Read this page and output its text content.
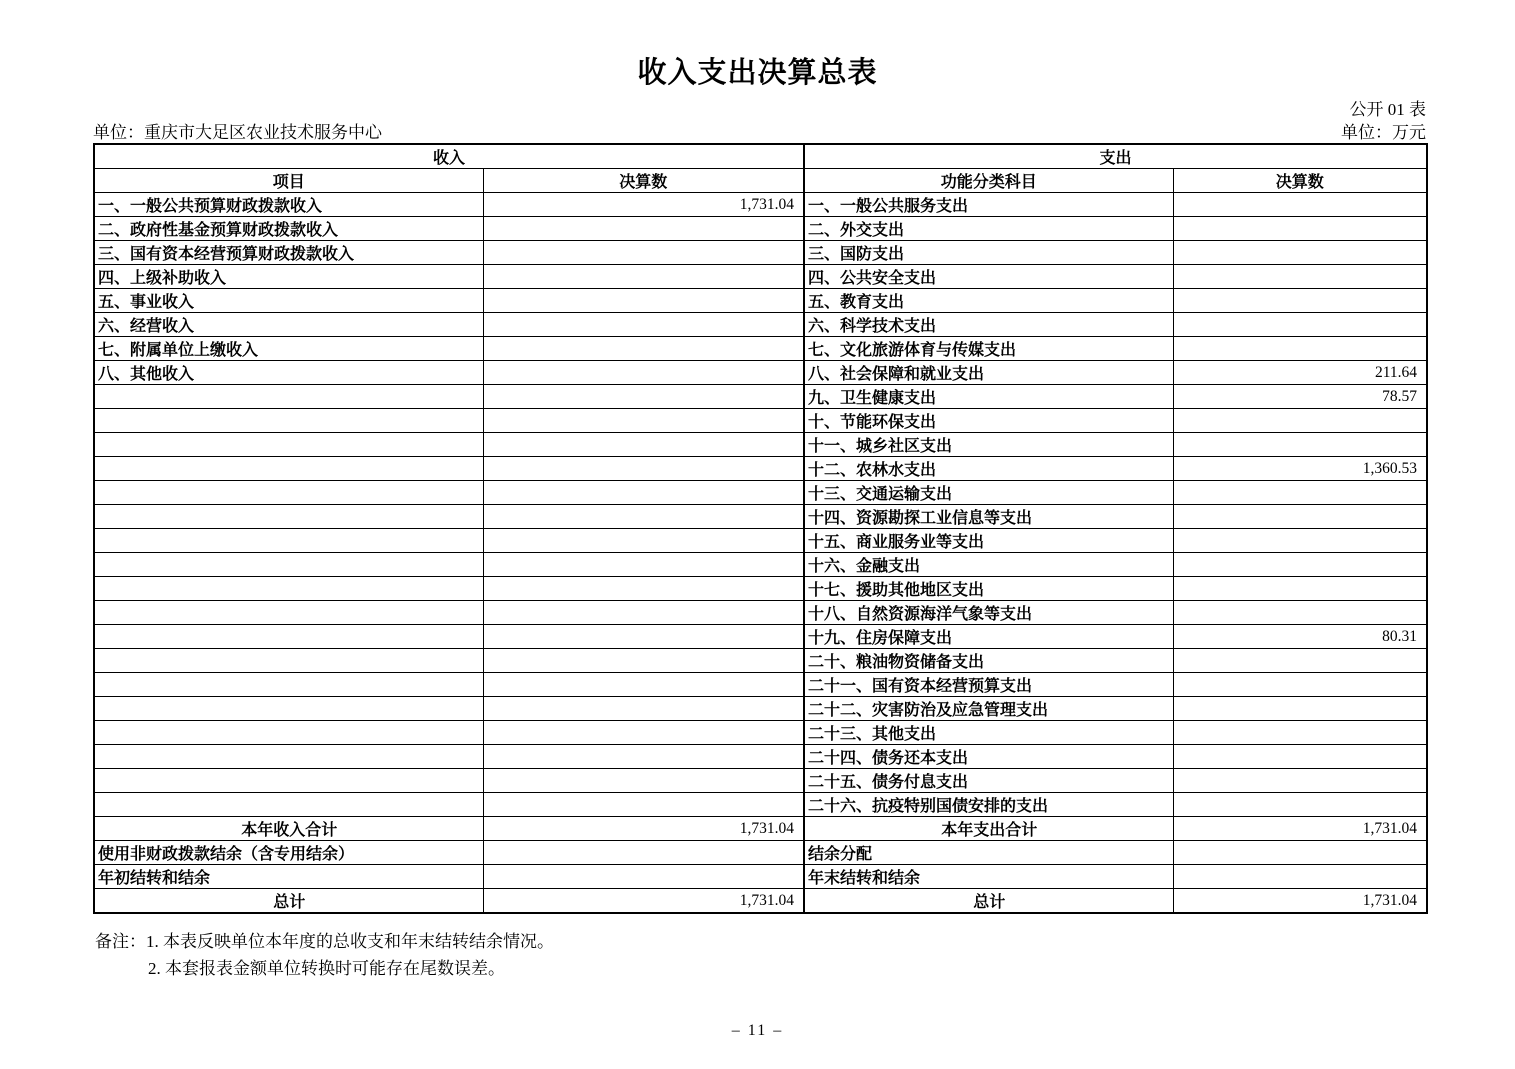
收入支出决算总表
公开 01 表
单位：重庆市大足区农业技术服务中心	单位：万元
收入		支出	
项目	决算数	功能分类科目	决算数
一、一般公共预算财政拨款收入	1,731.04	一、一般公共服务支出	
二、政府性基金预算财政拨款收入		二、外交支出	
三、国有资本经营预算财政拨款收入		三、国防支出	
四、上级补助收入		四、公共安全支出	
五、事业收入		五、教育支出	
六、经营收入		六、科学技术支出	
七、附属单位上缴收入		七、文化旅游体育与传媒支出	
八、其他收入		八、社会保障和就业支出	211.64
		九、卫生健康支出	78.57
		十、节能环保支出	
		十一、城乡社区支出	
		十二、农林水支出	1,360.53
		十三、交通运输支出	
		十四、资源勘探工业信息等支出	
		十五、商业服务业等支出	
		十六、金融支出	
		十七、援助其他地区支出	
		十八、自然资源海洋气象等支出	
		十九、住房保障支出	80.31
		二十、粮油物资储备支出	
		二十一、国有资本经营预算支出	
		二十二、灾害防治及应急管理支出	
		二十三、其他支出	
		二十四、债务还本支出	
		二十五、债务付息支出	
		二十六、抗疫特别国债安排的支出	
本年收入合计	1,731.04	本年支出合计	1,731.04
使用非财政拨款结余（含专用结余）		结余分配	
年初结转和结余		年末结转和结余	
总计	1,731.04	总计	1,731.04
备注：1. 本表反映单位本年度的总收支和年末结转结余情况。
2. 本套报表金额单位转换时可能存在尾数误差。
– 11 –
